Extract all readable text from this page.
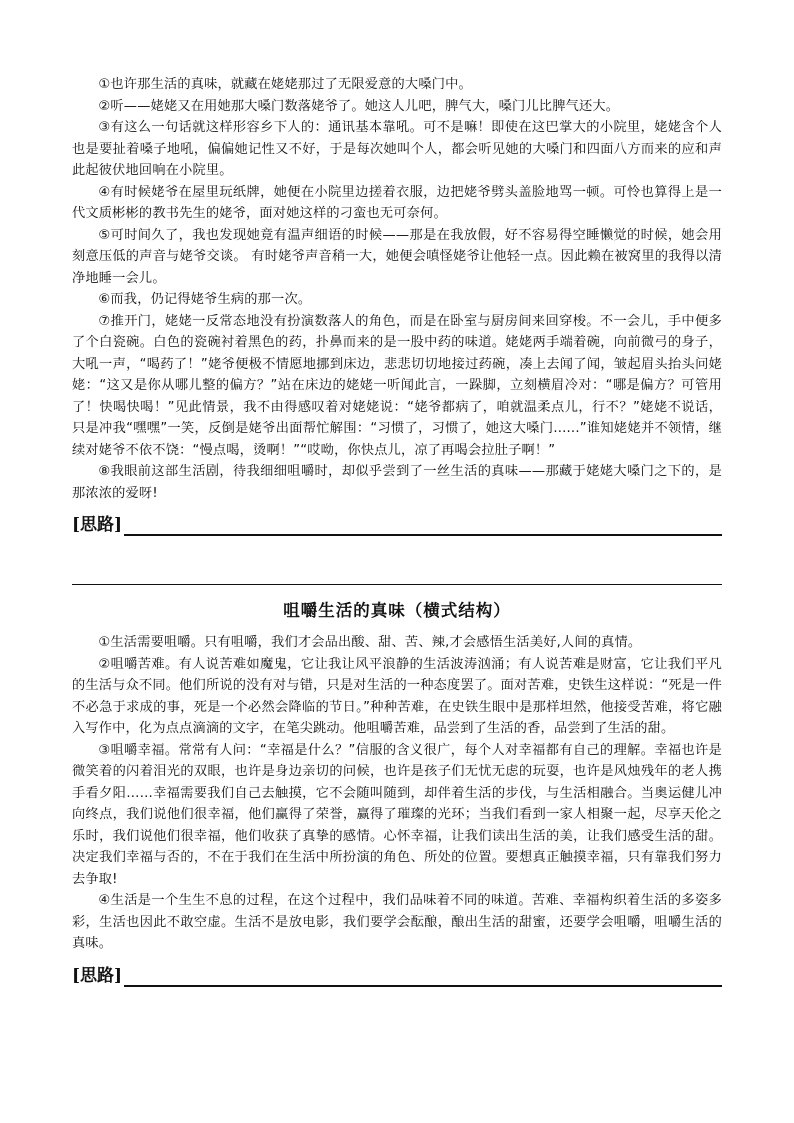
①也许那生活的真味，就藏在姥姥那过了无限爱意的大嗓门中。

②听——姥姥又在用她那大嗓门数落姥爷了。她这人儿吧，脾气大，嗓门儿比脾气还大。

③有这么一句话就这样形容乡下人的：通讯基本靠吼。可不是嘛！即使在这巴掌大的小院里，姥姥含个人也是要扯着嗓子地吼，偏偏她记性又不好，于是每次她叫个人，都会听见她的大嗓门和四面八方而来的应和声此起彼伏地回响在小院里。

④有时候姥爷在屋里玩纸牌，她便在小院里边搓着衣服，边把姥爷劈头盖脸地骂一顿。可怜也算得上是一代文质彬彬的教书先生的姥爷，面对她这样的刁蛮也无可奈何。

⑤可时间久了，我也发现她竟有温声细语的时候——那是在我放假，好不容易得空睡懒觉的时候，她会用刻意压低的声音与姥爷交谈。 有时姥爷声音稍一大，她便会嗔怪姥爷让他轻一点。因此赖在被窝里的我得以清净地睡一会儿。

⑥而我，仍记得姥爷生病的那一次。

⑦推开门，姥姥一反常态地没有扮演数落人的角色，而是在卧室与厨房间来回穿梭。不一会儿，手中便多了个白瓷碗。白色的瓷碗衬着黑色的药，扑鼻而来的是一股中药的味道。姥姥两手端着碗，向前微弓的身子，大吼一声，“喝药了！”姥爷便极不情愿地挪到床边，悲悲切切地接过药碗，凑上去闻了闻，皱起眉头抬头问姥姥：“这又是你从哪儿整的偏方？”站在床边的姥姥一听闻此言，一跺脚，立刻横眉冷对：“哪是偏方？可管用了！快喝快喝！”见此情景，我不由得感叹着对姥姥说：“姥爷都病了，咱就温柔点儿，行不？”姥姥不说话，只是冲我“嘿嘿”一笑，反倒是姥爷出面帮忙解围：“习惯了，习惯了，她这大嗓门......”谁知姥姥并不领情，继续对姥爷不依不饶：“慢点喝，烫啊！”“哎呦，你快点儿，凉了再喝会拉肚子啊！”

⑧我眼前这部生活剧，待我细细咀嚼时，却似乎尝到了一丝生活的真味——那藏于姥姥大嗓门之下的，是那浓浓的爱呀!

[思路]
咀嚼生活的真味（横式结构）

①生活需要咀嚼。只有咀嚼，我们才会品出酸、甜、苦、辣,才会感悟生活美好,人间的真情。

②咀嚼苦难。有人说苦难如魔鬼，它让我让风平浪静的生活波涛汹涌；有人说苦难是财富，它让我们平凡的生活与众不同。他们所说的没有对与错，只是对生活的一种态度罢了。面对苦难，史铁生这样说：“死是一件不必急于求成的事，死是一个必然会降临的节日。”种种苦难，在史铁生眼中是那样坦然，他接受苦难，将它融入写作中，化为点点滴滴的文字，在笔尖跳动。他咀嚼苦难，品尝到了生活的香，品尝到了生活的甜。

③咀嚼幸福。常常有人问：“幸福是什么？”信服的含义很广，每个人对幸福都有自己的理解。幸福也许是微笑着的闪着泪光的双眼，也许是身边亲切的问候，也许是孩子们无忧无虑的玩耍，也许是风烛残年的老人携手看夕阳……幸福需要我们自己去触摸，它不会随叫随到，却伴着生活的步伐，与生活相融合。当奥运健儿冲向终点，我们说他们很幸福，他们赢得了荣誉，赢得了璀璨的光环；当我们看到一家人相聚一起，尽享天伦之乐时，我们说他们很幸福，他们收获了真挚的感情。心怀幸福，让我们读出生活的美，让我们感受生活的甜。决定我们幸福与否的，不在于我们在生活中所扮演的角色、所处的位置。要想真正触摸幸福，只有靠我们努力去争取!

④生活是一个生生不息的过程，在这个过程中，我们品味着不同的味道。苦难、幸福构织着生活的多姿多彩，生活也因此不敢空虚。生活不是放电影，我们要学会酝酿，酿出生活的甜蜜，还要学会咀嚼，咀嚼生活的真味。

[思路]
